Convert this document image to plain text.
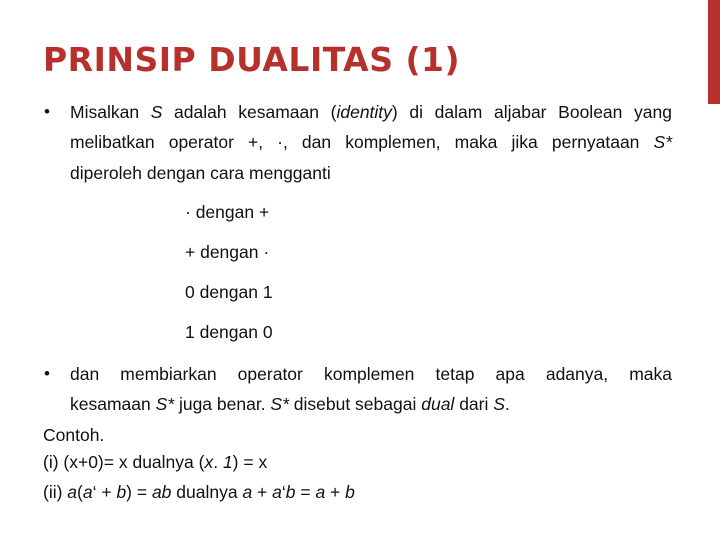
PRINSIP DUALITAS (1)
• Misalkan S adalah kesamaan (identity) di dalam aljabar Boolean yang
melibatkan operator +, ·, dan komplemen, maka jika pernyataan S*
diperoleh dengan cara mengganti
· dengan +
+ dengan ·
0 dengan 1
1 dengan 0
• dan membiarkan operator komplemen tetap apa adanya, maka
kesamaan S* juga benar. S* disebut sebagai dual dari S.
Contoh.
(i) (x+0)= x dualnya (x. 1) = x
(ii) a(a‘ + b) = ab dualnya a + a‘b = a + b
